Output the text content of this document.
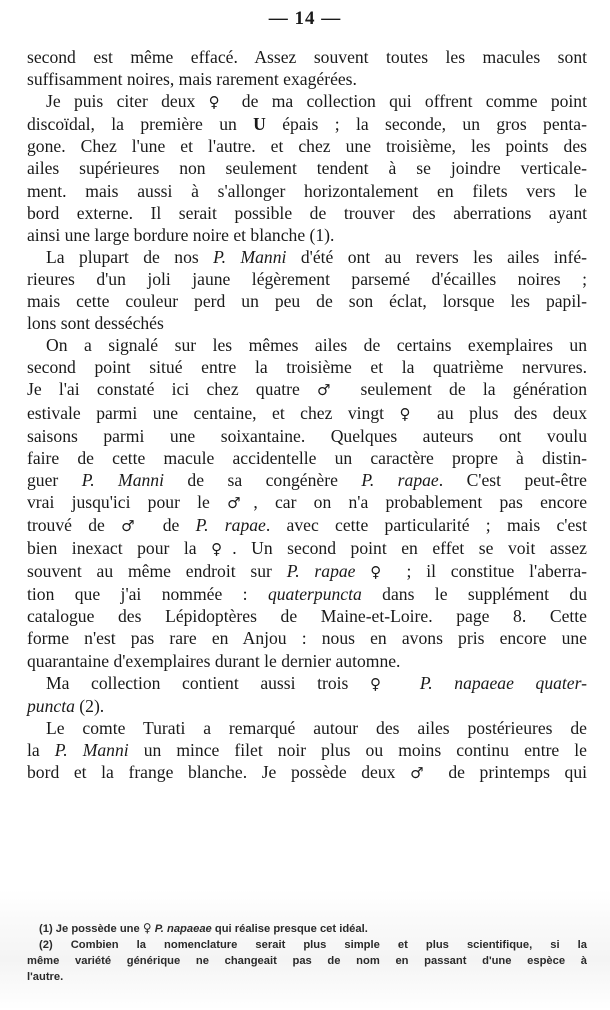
— 14 —

second est même effacé. Assez souvent toutes les macules sont
suffisamment noires, mais rarement exagérées.

Je puis citer deux ♀ de ma collection qui offrent comme point
discoïdal, la première un U épais ; la seconde, un gros penta-
gone. Chez l'une et l'autre. et chez une troisième, les points des
ailes supérieures non seulement tendent à se joindre verticale-
ment. mais aussi à s'allonger horizontalement en filets vers le
bord externe. Il serait possible de trouver des aberrations ayant
ainsi une large bordure noire et blanche (1).

La plupart de nos P. Manni d'été ont au revers les ailes infé-
rieures d'un joli jaune légèrement parsemé d'écailles noires ;
mais cette couleur perd un peu de son éclat, lorsque les papil-
lons sont desséchés

On a signalé sur les mêmes ailes de certains exemplaires un
second point situé entre la troisième et la quatrième nervures.
Je l'ai constaté ici chez quatre ♂ seulement de la génération
estivale parmi une centaine, et chez vingt ♀ au plus des deux
saisons parmi une soixantaine. Quelques auteurs ont voulu
faire de cette macule accidentelle un caractère propre à distin-
guer P. Manni de sa congénère P. rapae. C'est peut-être
vrai jusqu'ici pour le ♂, car on n'a probablement pas encore
trouvé de ♂ de P. rapae. avec cette particularité ; mais c'est
bien inexact pour la ♀. Un second point en effet se voit assez
souvent au même endroit sur P. rapae ♀ ; il constitue l'aberra-
tion que j'ai nommée : quaterpuncta dans le supplément du
catalogue des Lépidoptères de Maine-et-Loire. page 8. Cette
forme n'est pas rare en Anjou : nous en avons pris encore une
quarantaine d'exemplaires durant le dernier automne.

Ma collection contient aussi trois ♀ P. napaeae quater-
puncta (2).

Le comte Turati a remarqué autour des ailes postérieures de
la P. Manni un mince filet noir plus ou moins continu entre le
bord et la frange blanche. Je possède deux ♂ de printemps qui

(1) Je possède une ♀ P. napaeae qui réalise presque cet idéal.
(2) Combien la nomenclature serait plus simple et plus scientifique, si la
même variété générique ne changeait pas de nom en passant d'une espèce à
l'autre.
